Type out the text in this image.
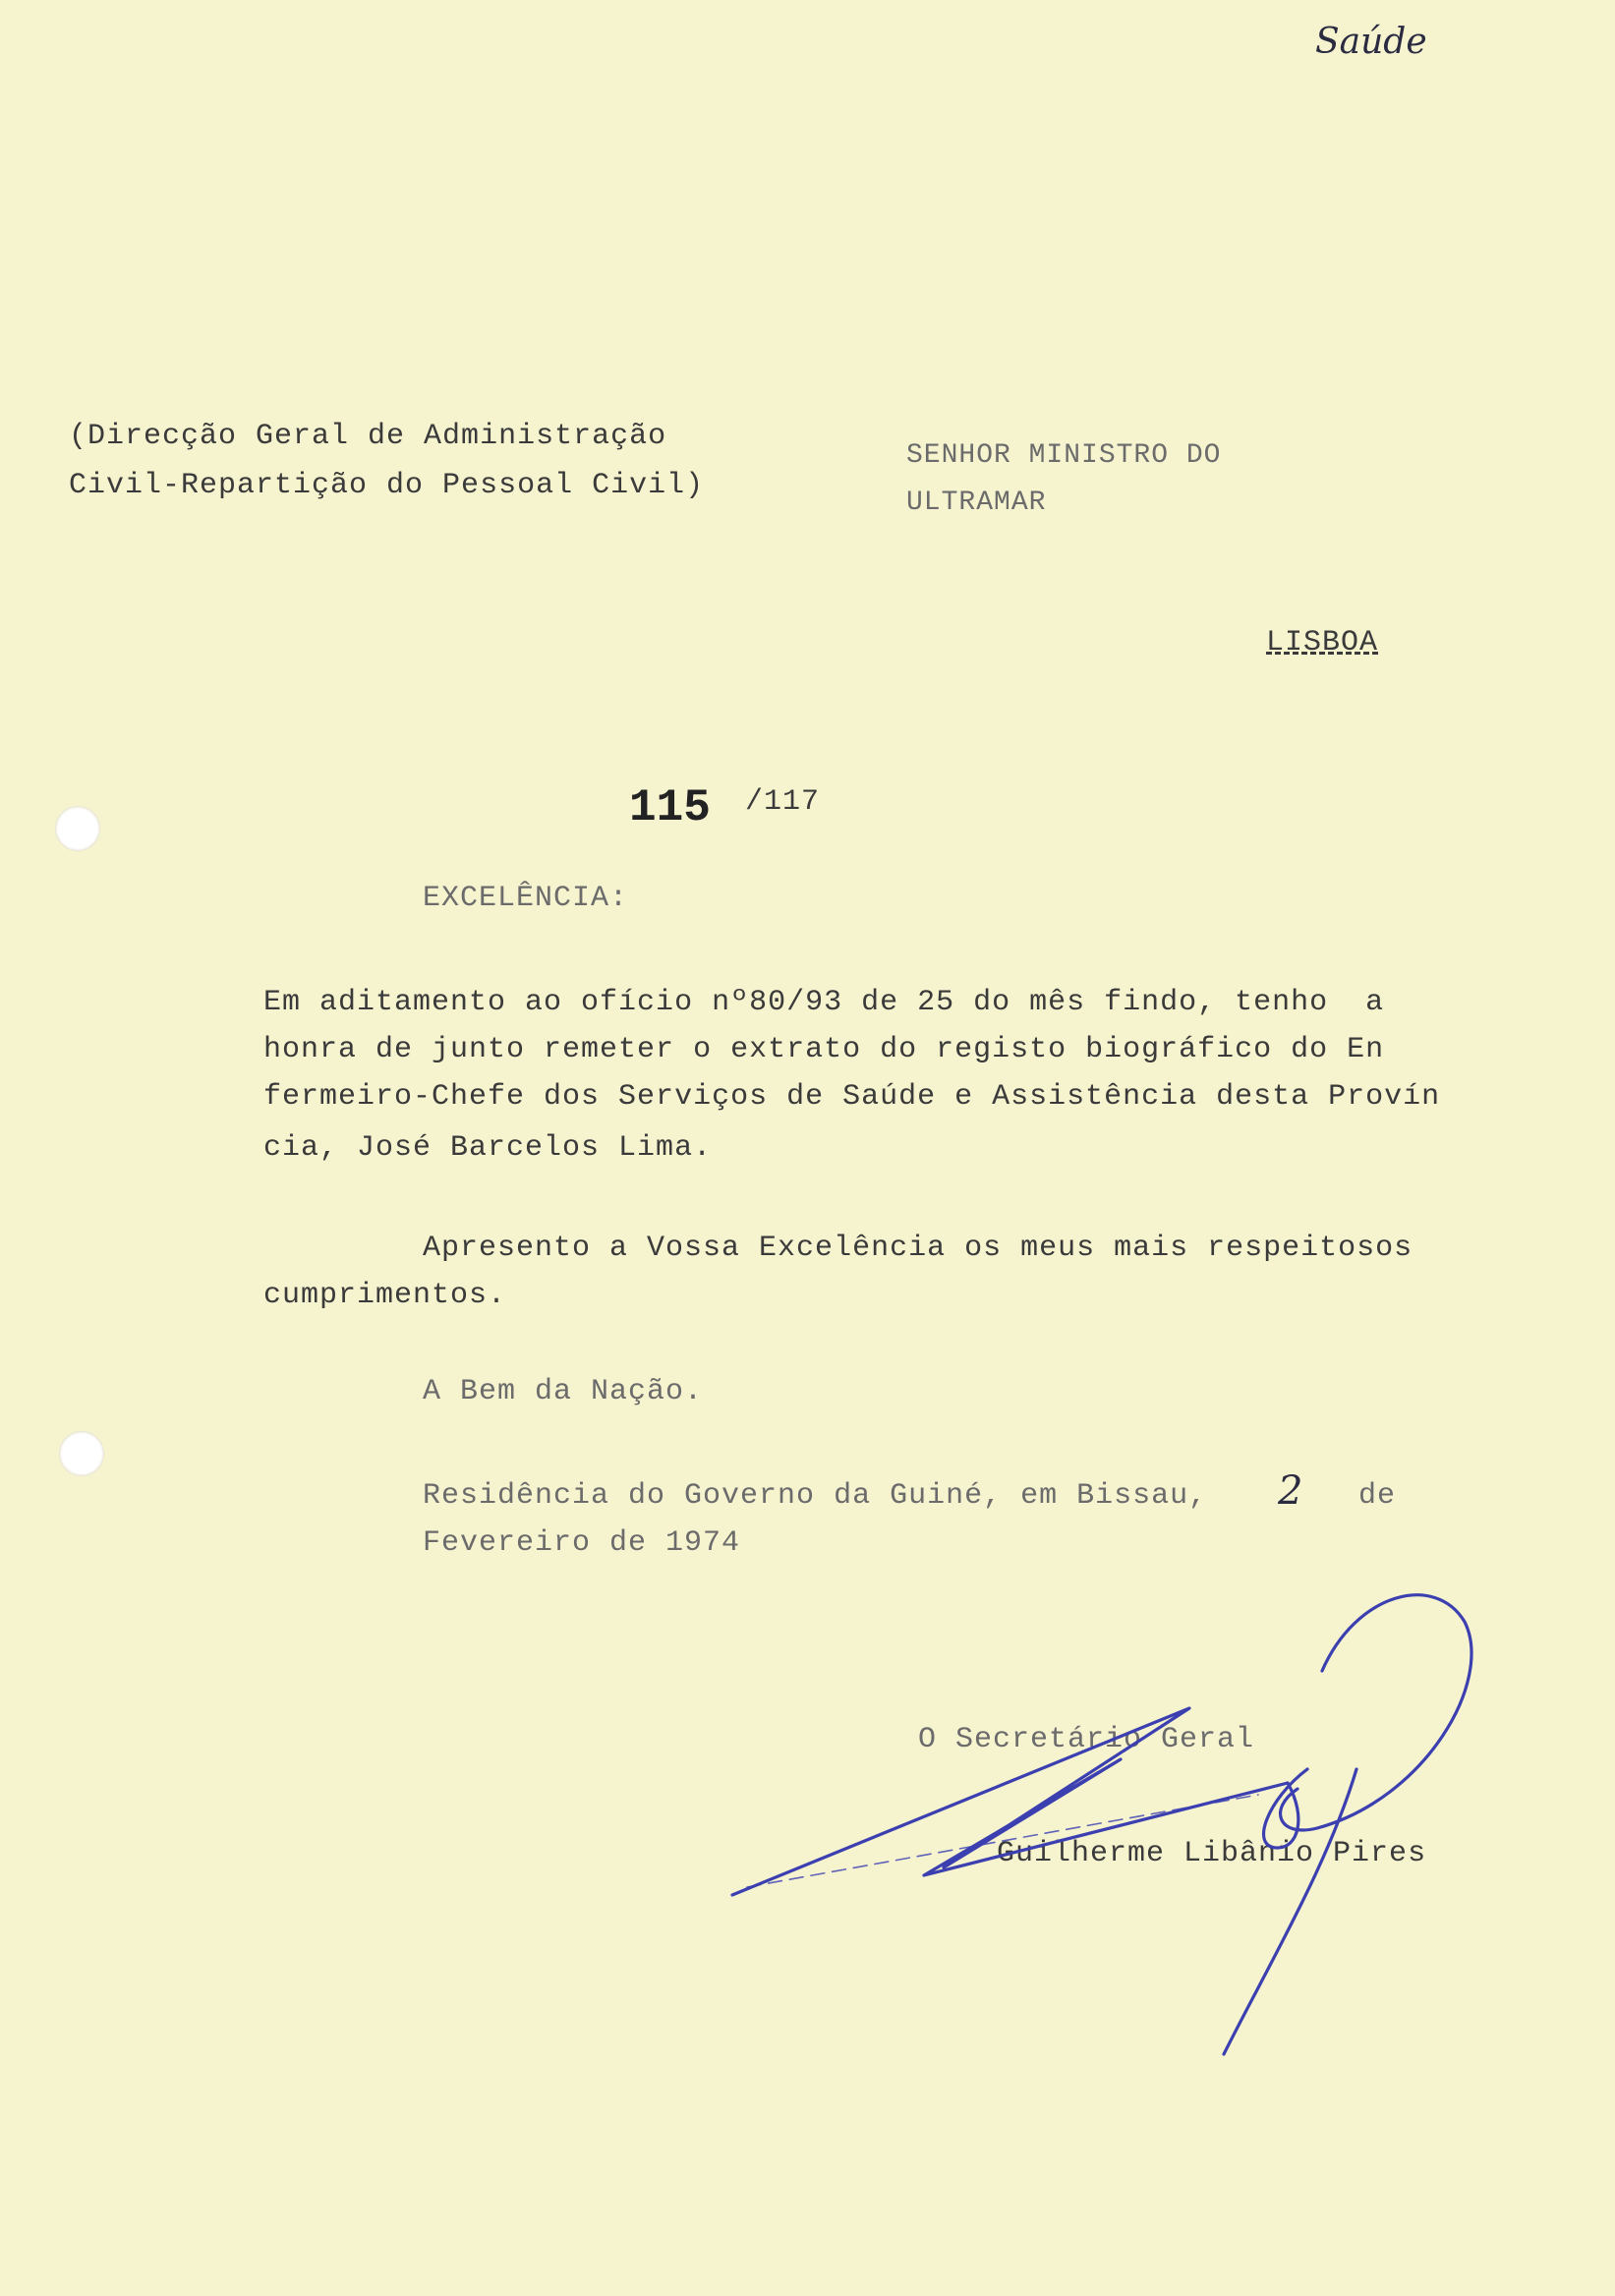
Saúde
(Direcção Geral de Administração
Civil-Repartição do Pessoal Civil)
SENHOR MINISTRO DO
ULTRAMAR
LISBOA
115 /117
EXCELÊNCIA:
Em aditamento ao ofício nº80/93 de 25 do mês findo, tenho  a
honra de junto remeter o extrato do registo biográfico do En
fermeiro-Chefe dos Serviços de Saúde e Assistência desta Provín
cia, José Barcelos Lima.
Apresento a Vossa Excelência os meus mais respeitosos
cumprimentos.
A Bem da Nação.
Residência do Governo da Guiné, em Bissau, 2 de
Fevereiro de 1974
O Secretário Geral
Guilherme Libânio Pires
